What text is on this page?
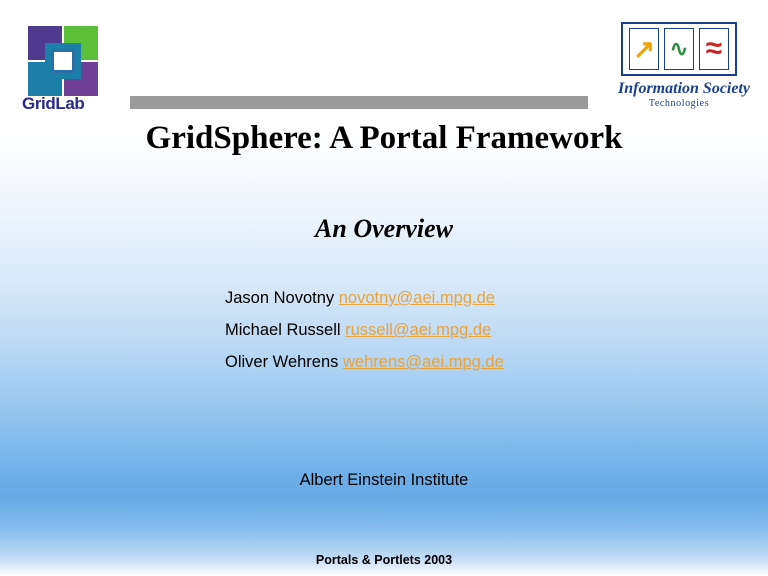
GridLab
↗ ∿ ≈
Information Society
Technologies
GridSphere: A Portal Framework
An Overview
Jason Novotny novotny@aei.mpg.de
Michael Russell russell@aei.mpg.de
Oliver Wehrens wehrens@aei.mpg.de
Albert Einstein Institute
Portals & Portlets 2003
